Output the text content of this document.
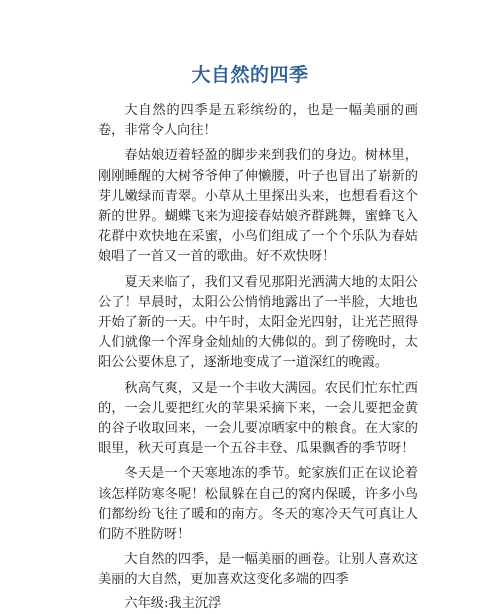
大自然的四季

大自然的四季是五彩缤纷的，也是一幅美丽的画卷，非常令人向往！

春姑娘迈着轻盈的脚步来到我们的身边。树林里，刚刚睡醒的大树爷爷伸了伸懒腰，叶子也冒出了崭新的芽儿嫩绿而青翠。小草从土里探出头来，也想看看这个新的世界。蝴蝶飞来为迎接春姑娘齐群跳舞，蜜蜂飞入花群中欢快地在采蜜，小鸟们组成了一个个乐队为春姑娘唱了一首又一首的歌曲。好不欢快呀！

夏天来临了，我们又看见那阳光洒满大地的太阳公公了！早晨时，太阳公公悄悄地露出了一半脸，大地也开始了新的一天。中午时，太阳金光四射，让光芒照得人们就像一个浑身金灿灿的大佛似的。到了傍晚时，太阳公公要休息了，逐渐地变成了一道深红的晚霞。

秋高气爽，又是一个丰收大满园。农民们忙东忙西的，一会儿要把红火的苹果采摘下来，一会儿要把金黄的谷子收取回来，一会儿要凉晒家中的粮食。在大家的眼里，秋天可真是一个五谷丰登、瓜果飘香的季节呀！

冬天是一个天寒地冻的季节。蛇家族们正在议论着该怎样防寒冬呢！松鼠躲在自己的窝内保暖，许多小鸟们都纷纷飞往了暖和的南方。冬天的寒冷天气可真让人们防不胜防呀！

大自然的四季，是一幅美丽的画卷。让别人喜欢这美丽的大自然，更加喜欢这变化多端的四季

六年级:我主沉浮
